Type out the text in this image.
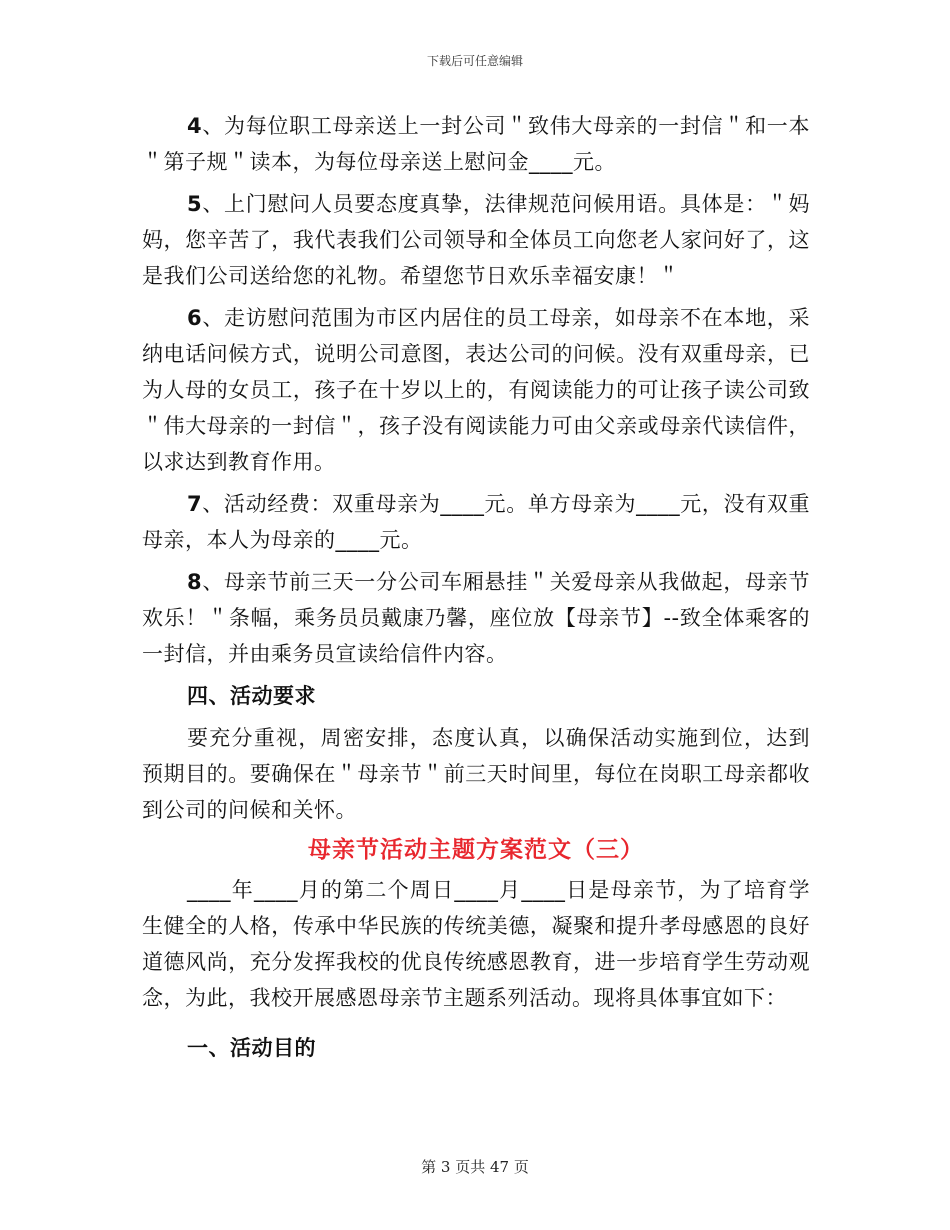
下载后可任意编辑

4、为每位职工母亲送上一封公司＂致伟大母亲的一封信＂和一本＂第子规＂读本，为每位母亲送上慰问金____元。

5、上门慰问人员要态度真挚，法律规范问候用语。具体是：＂妈妈，您辛苦了，我代表我们公司领导和全体员工向您老人家问好了，这是我们公司送给您的礼物。希望您节日欢乐幸福安康！＂

6、走访慰问范围为市区内居住的员工母亲，如母亲不在本地，采纳电话问候方式，说明公司意图，表达公司的问候。没有双重母亲，已为人母的女员工，孩子在十岁以上的，有阅读能力的可让孩子读公司致＂伟大母亲的一封信＂，孩子没有阅读能力可由父亲或母亲代读信件，以求达到教育作用。

7、活动经费：双重母亲为____元。单方母亲为____元，没有双重母亲，本人为母亲的____元。

8、母亲节前三天一分公司车厢悬挂＂关爱母亲从我做起，母亲节欢乐！＂条幅，乘务员员戴康乃馨，座位放【母亲节】--致全体乘客的一封信，并由乘务员宣读给信件内容。

四、活动要求

要充分重视，周密安排，态度认真，以确保活动实施到位，达到预期目的。要确保在＂母亲节＂前三天时间里，每位在岗职工母亲都收到公司的问候和关怀。

母亲节活动主题方案范文（三）

____年____月的第二个周日____月____日是母亲节，为了培育学生健全的人格，传承中华民族的传统美德，凝聚和提升孝母感恩的良好道德风尚，充分发挥我校的优良传统感恩教育，进一步培育学生劳动观念，为此，我校开展感恩母亲节主题系列活动。现将具体事宜如下：

一、活动目的

第 3 页共 47 页
